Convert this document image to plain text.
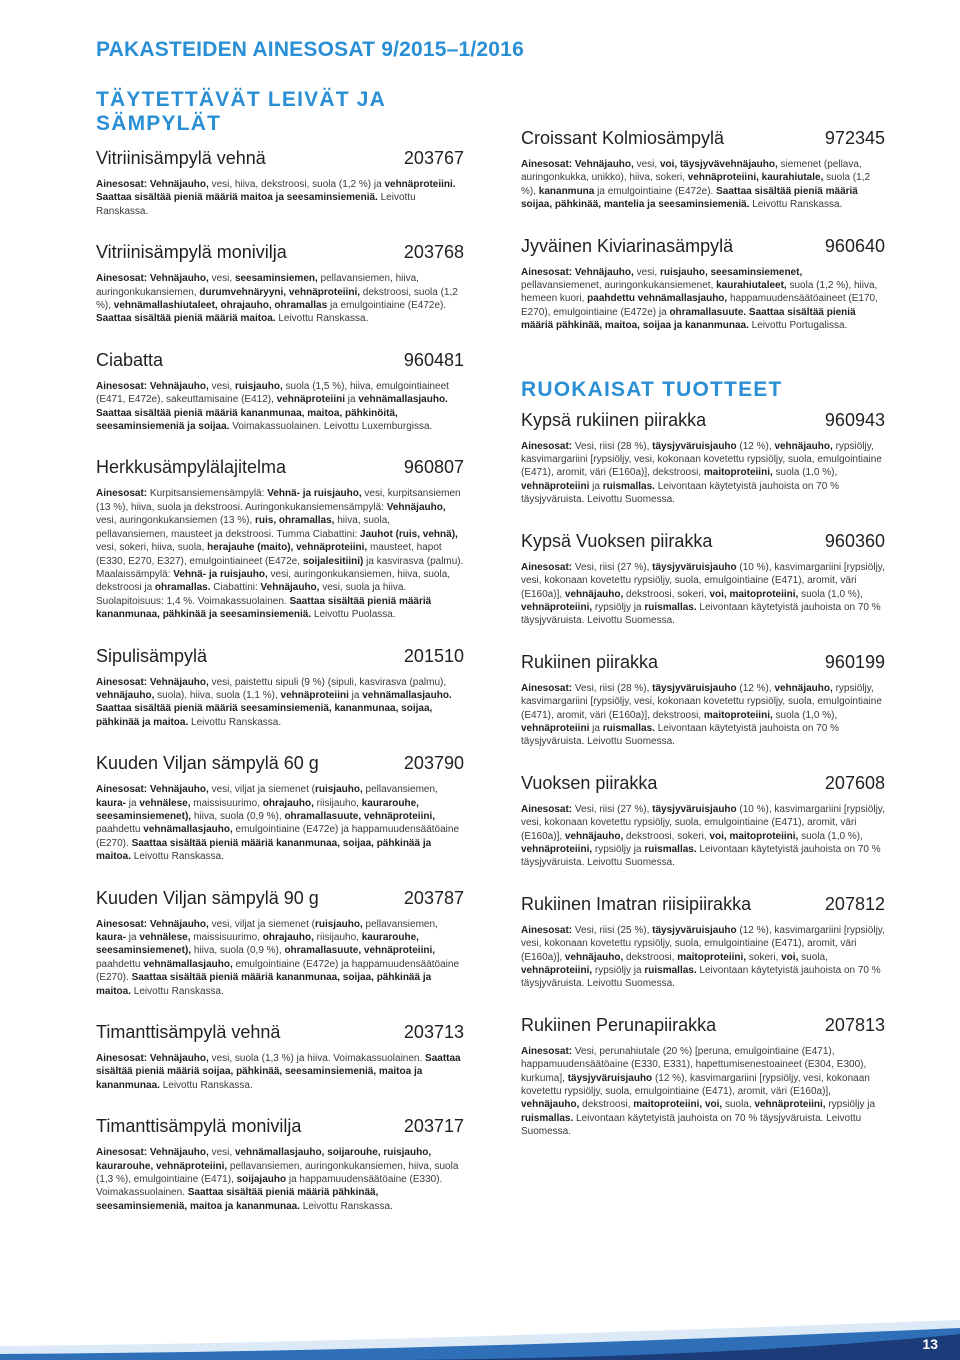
PAKASTEIDEN AINESOSAT 9/2015–1/2016
TÄYTETTÄVÄT LEIVÄT JA SÄMPYLÄT
Vitriinisämpylä vehnä	203767

Ainesosat: Vehnäjauho, vesi, hiiva, dekstroosi, suola (1,2 %) ja vehnäproteiini. Saattaa sisältää pieniä määriä maitoa ja seesaminsiemeniä. Leivottu Ranskassa.

Vitriinisämpylä monivilja	203768

Ainesosat: Vehnäjauho, vesi, seesaminsiemen, pellavansiemen, hiiva, auringonkukansiemen, durumvehnäryyni, vehnäproteiini, dekstroosi, suola (1,2 %), vehnämallashiutaleet, ohrajauho, ohramallas ja emulgointiaine (E472e). Saattaa sisältää pieniä määriä maitoa. Leivottu Ranskassa.

Ciabatta	960481

Ainesosat: Vehnäjauho, vesi, ruisjauho, suola (1,5 %), hiiva, emulgointiaineet (E471, E472e), sakeuttamisaine (E412), vehnäproteiini ja vehnämallasjauho. Saattaa sisältää pieniä määriä kananmunaa, maitoa, pähkinöitä, seesaminsiemeniä ja soijaa. Voimakassuolainen. Leivottu Luxemburgissa.

Herkkusämpylälajitelma	960807

Ainesosat: Kurpitsansiemensämpylä: Vehnä- ja ruisjauho, vesi, kurpitsansiemen (13 %), hiiva, suola ja dekstroosi. Auringonkukansiemensämpylä: Vehnäjauho, vesi, auringonkukansiemen (13 %), ruis, ohramallas, hiiva, suola, pellavansiemen, mausteet ja dekstroosi. Tumma Ciabattini: Jauhot (ruis, vehnä), vesi, sokeri, hiiva, suola, herajauhe (maito), vehnäproteiini, mausteet, hapot (E330, E270, E327), emulgointiaineet (E472e, soijalesitiini) ja kasvirasva (palmu). Maalaissämpylä: Vehnä- ja ruisjauho, vesi, auringonkukansiemen, hiiva, suola, dekstroosi ja ohramallas. Ciabattini: Vehnäjauho, vesi, suola ja hiiva. Suolapitoisuus: 1,4 %. Voimakassuolainen. Saattaa sisältää pieniä määriä kananmunaa, pähkinää ja seesaminsiemeniä. Leivottu Puolassa.

Sipulisämpylä	201510

Ainesosat: Vehnäjauho, vesi, paistettu sipuli (9 %) (sipuli, kasvirasva (palmu), vehnäjauho, suola), hiiva, suola (1,1 %), vehnäproteiini ja vehnämallasjauho. Saattaa sisältää pieniä määriä seesaminsiemeniä, kananmunaa, soijaa, pähkinää ja maitoa. Leivottu Ranskassa.

Kuuden Viljan sämpylä 60 g	203790

Ainesosat: Vehnäjauho, vesi, viljat ja siemenet (ruisjauho, pellavansiemen, kaura- ja vehnälese, maissisuurimo, ohrajauho, riisijauho, kaurarouhe, seesaminsiemenet), hiiva, suola (0,9 %), ohramallasuute, vehnäproteiini, paahdettu vehnämallasjauho, emulgointiaine (E472e) ja happamuudensäätöaine (E270). Saattaa sisältää pieniä määriä kananmunaa, soijaa, pähkinää ja maitoa. Leivottu Ranskassa.

Kuuden Viljan sämpylä 90 g	203787

Ainesosat: Vehnäjauho, vesi, viljat ja siemenet (ruisjauho, pellavansiemen, kaura- ja vehnälese, maissisuurimo, ohrajauho, riisijauho, kaurarouhe, seesaminsiemenet), hiiva, suola (0,9 %), ohramallasuute, vehnäproteiini, paahdettu vehnämallasjauho, emulgointiaine (E472e) ja happamuudensäätöaine (E270). Saattaa sisältää pieniä määriä kananmunaa, soijaa, pähkinää ja maitoa. Leivottu Ranskassa.

Timanttisämpylä vehnä	203713

Ainesosat: Vehnäjauho, vesi, suola (1,3 %) ja hiiva. Voimakassuolainen. Saattaa sisältää pieniä määriä soijaa, pähkinää, seesaminsiemeniä, maitoa ja kananmunaa. Leivottu Ranskassa.

Timanttisämpylä monivilja	203717

Ainesosat: Vehnäjauho, vesi, vehnämallasjauho, soijarouhe, ruisjauho, kaurarouhe, vehnäproteiini, pellavansiemen, auringonkukansiemen, hiiva, suola (1,3 %), emulgointiaine (E471), soijajauho ja happamuudensäätöaine (E330). Voimakassuolainen. Saattaa sisältää pieniä määriä pähkinää, seesaminsiemeniä, maitoa ja kananmunaa. Leivottu Ranskassa.

Croissant Kolmiosämpylä	972345

Ainesosat: Vehnäjauho, vesi, voi, täysjyvävehnäjauho, siemenet (pellava, auringonkukka, unikko), hiiva, sokeri, vehnäproteiini, kaurahiutale, suola (1,2 %), kananmuna ja emulgointiaine (E472e). Saattaa sisältää pieniä määriä soijaa, pähkinää, mantelia ja seesaminsiemeniä. Leivottu Ranskassa.

Jyväinen Kiviarinasämpylä	960640

Ainesosat: Vehnäjauho, vesi, ruisjauho, seesaminsiemenet, pellavansiemenet, auringonkukansiemenet, kaurahiutaleet, suola (1,2 %), hiiva, hemeen kuori, paahdettu vehnämallasjauho, happamuudensäätöaineet (E170, E270), emulgointiaine (E472e) ja ohramallasuute. Saattaa sisältää pieniä määriä pähkinää, maitoa, soijaa ja kananmunaa. Leivottu Portugalissa.

RUOKAISAT TUOTTEET
Kypsä rukiinen piirakka	960943

Ainesosat: Vesi, riisi (28 %), täysjyväruisjauho (12 %), vehnäjauho, rypsiöljy, kasvimargariini [rypsiöljy, vesi, kokonaan kovetettu rypsiöljy, suola, emulgointiaine (E471), aromit, väri (E160a)], dekstroosi, maitoproteiini, suola (1,0 %), vehnäproteiini ja ruismallas. Leivontaan käytetyistä jauhoista on 70 % täysjyväruista. Leivottu Suomessa.

Kypsä Vuoksen piirakka	960360

Ainesosat: Vesi, riisi (27 %), täysjyväruisjauho (10 %), kasvimargariini [rypsiöljy, vesi, kokonaan kovetettu rypsiöljy, suola, emulgointiaine (E471), aromit, väri (E160a)], vehnäjauho, dekstroosi, sokeri, voi, maitoproteiini, suola (1,0 %), vehnäproteiini, rypsiöljy ja ruismallas. Leivontaan käytetyistä jauhoista on 70 % täysjyväruista. Leivottu Suomessa.

Rukiinen piirakka	960199

Ainesosat: Vesi, riisi (28 %), täysjyväruisjauho (12 %), vehnäjauho, rypsiöljy, kasvimargariini [rypsiöljy, vesi, kokonaan kovetettu rypsiöljy, suola, emulgointiaine (E471), aromit, väri (E160a)], dekstroosi, maitoproteiini, suola (1,0 %), vehnäproteiini ja ruismallas. Leivontaan käytetyistä jauhoista on 70 % täysjyväruista. Leivottu Suomessa.

Vuoksen piirakka	207608

Ainesosat: Vesi, riisi (27 %), täysjyväruisjauho (10 %), kasvimargariini [rypsiöljy, vesi, kokonaan kovetettu rypsiöljy, suola, emulgointiaine (E471), aromit, väri (E160a)], vehnäjauho, dekstroosi, sokeri, voi, maitoproteiini, suola (1,0 %), vehnäproteiini, rypsiöljy ja ruismallas. Leivontaan käytetyistä jauhoista on 70 % täysjyväruista. Leivottu Suomessa.

Rukiinen Imatran riisipiirakka	207812

Ainesosat: Vesi, riisi (25 %), täysjyväruisjauho (12 %), kasvimargariini [rypsiöljy, vesi, kokonaan kovetettu rypsiöljy, suola, emulgointiaine (E471), aromit, väri (E160a)], vehnäjauho, dekstroosi, maitoproteiini, sokeri, voi, suola, vehnäproteiini, rypsiöljy ja ruismallas. Leivontaan käytetyistä jauhoista on 70 % täysjyväruista. Leivottu Suomessa.

Rukiinen Perunapiirakka	207813

Ainesosat: Vesi, perunahiutale (20 %) [peruna, emulgointiaine (E471), happamuudensäätöaine (E330, E331), hapettumisenestoaineet (E304, E300), kurkuma], täysjyväruisjauho (12 %), kasvimargariini [rypsiöljy, vesi, kokonaan kovetettu rypsiöljy, suola, emulgointiaine (E471), aromit, väri (E160a)], vehnäjauho, dekstroosi, maitoproteiini, voi, suola, vehnäproteiini, rypsiöljy ja ruismallas. Leivontaan käytetyistä jauhoista on 70 % täysjyväruista. Leivottu Suomessa.

13
